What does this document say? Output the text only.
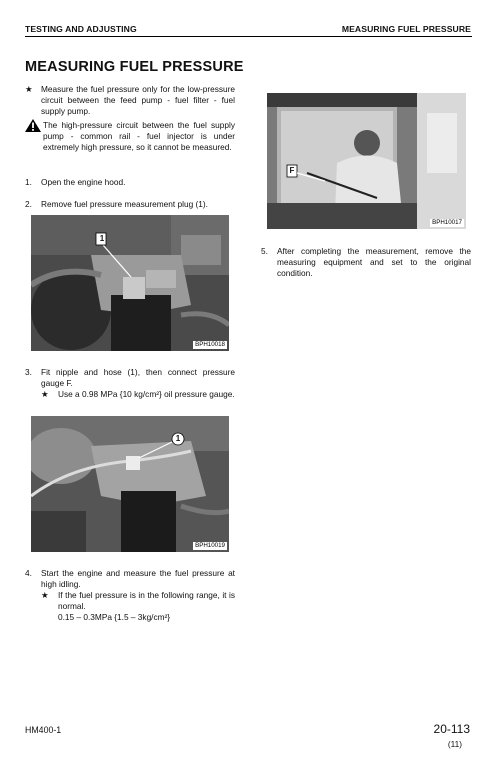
TESTING AND ADJUSTING	MEASURING FUEL PRESSURE
MEASURING FUEL PRESSURE
★ Measure the fuel pressure only for the low-pressure circuit between the feed pump - fuel filter - fuel supply pump.
The high-pressure circuit between the fuel supply pump - common rail - fuel injector is under extremely high pressure, so it cannot be measured.
1. Open the engine hood.
2. Remove fuel pressure measurement plug (1).
1
BPH10018
3. Fit nipple and hose (1), then connect pressure gauge F.
★ Use a 0.98 MPa {10 kg/cm²} oil pressure gauge.
1
BPH10019
4. Start the engine and measure the fuel pressure at high idling.
★ If the fuel pressure is in the following range, it is normal.
0.15 – 0.3MPa {1.5 – 3kg/cm²}
F
BPH10017
5. After completing the measurement, remove the measuring equipment and set to the original condition.
HM400-1	20-113
(11)
